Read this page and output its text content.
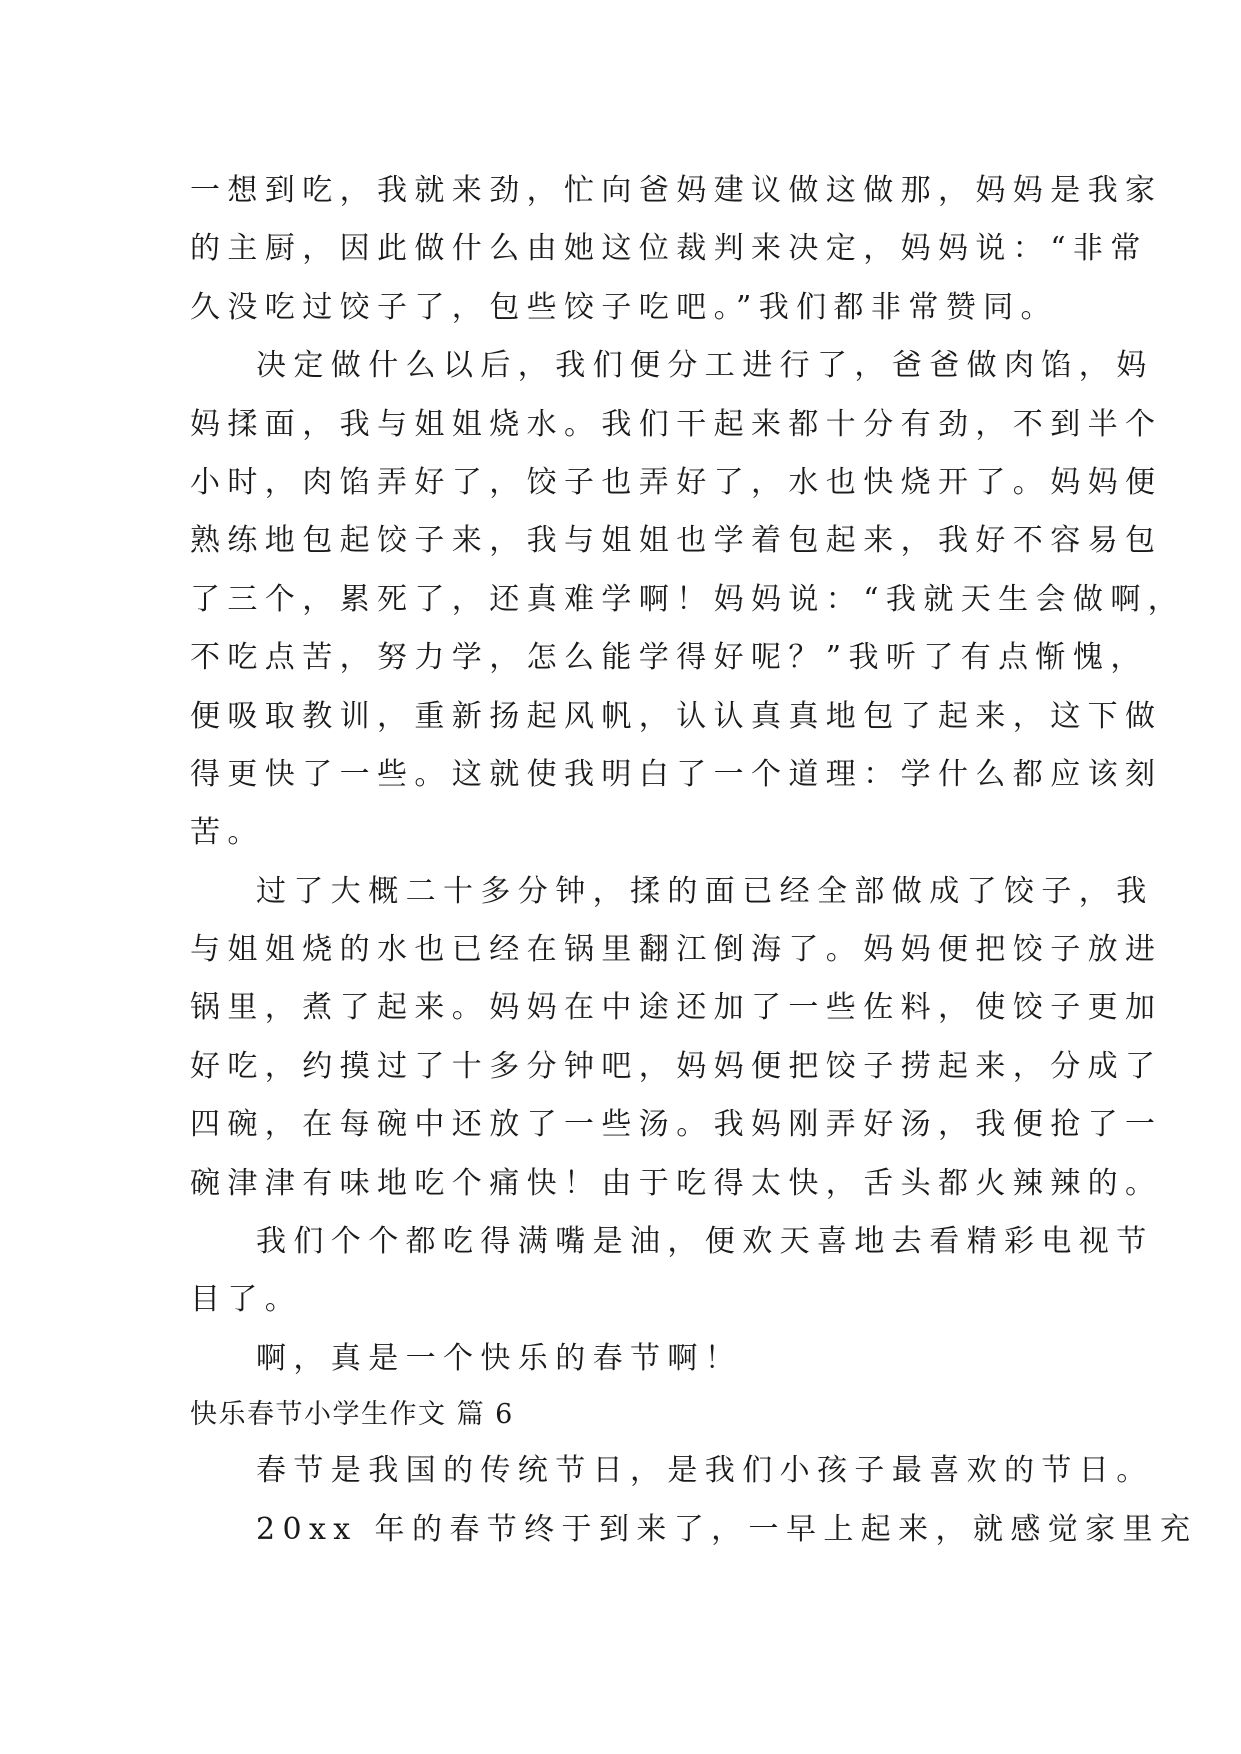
一想到吃，我就来劲，忙向爸妈建议做这做那，妈妈是我家
的主厨，因此做什么由她这位裁判来决定，妈妈说：“非常
久没吃过饺子了，包些饺子吃吧。”我们都非常赞同。
决定做什么以后，我们便分工进行了，爸爸做肉馅，妈
妈揉面，我与姐姐烧水。我们干起来都十分有劲，不到半个
小时，肉馅弄好了，饺子也弄好了，水也快烧开了。妈妈便
熟练地包起饺子来，我与姐姐也学着包起来，我好不容易包
了三个，累死了，还真难学啊！妈妈说：“我就天生会做啊，
不吃点苦，努力学，怎么能学得好呢？”我听了有点惭愧，
便吸取教训，重新扬起风帆，认认真真地包了起来，这下做
得更快了一些。这就使我明白了一个道理：学什么都应该刻
苦。
过了大概二十多分钟，揉的面已经全部做成了饺子，我
与姐姐烧的水也已经在锅里翻江倒海了。妈妈便把饺子放进
锅里，煮了起来。妈妈在中途还加了一些佐料，使饺子更加
好吃，约摸过了十多分钟吧，妈妈便把饺子捞起来，分成了
四碗，在每碗中还放了一些汤。我妈刚弄好汤，我便抢了一
碗津津有味地吃个痛快！由于吃得太快，舌头都火辣辣的。
我们个个都吃得满嘴是油，便欢天喜地去看精彩电视节
目了。
啊，真是一个快乐的春节啊！
快乐春节小学生作文 篇 6
春节是我国的传统节日，是我们小孩子最喜欢的节日。
20xx 年的春节终于到来了，一早上起来，就感觉家里充
